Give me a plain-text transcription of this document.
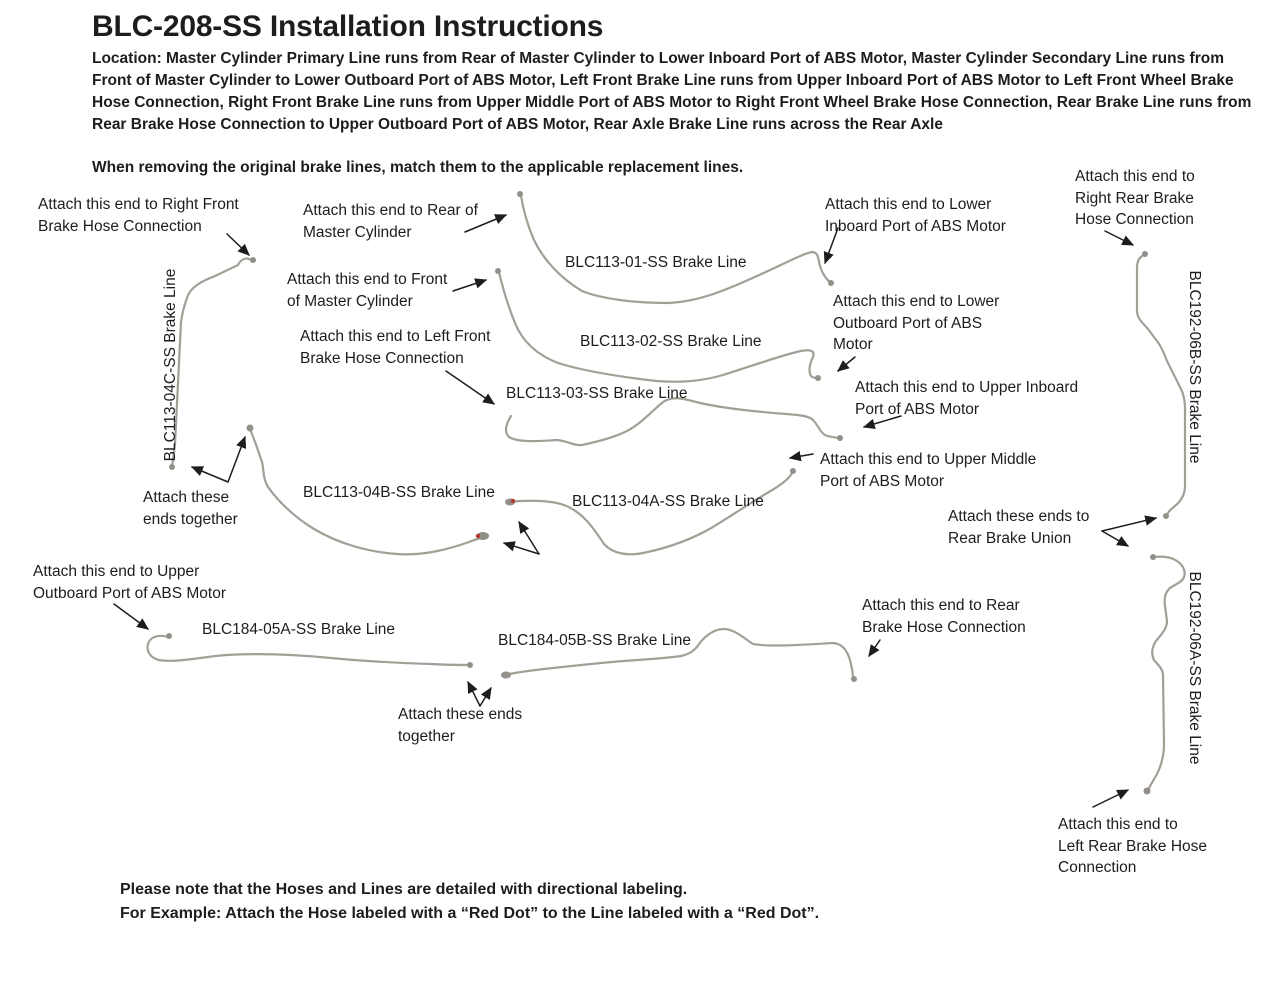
BLC-208-SS Installation Instructions
Location: Master Cylinder Primary Line runs from Rear of Master Cylinder to Lower Inboard Port of ABS Motor, Master Cylinder Secondary Line runs from
Front of Master Cylinder to Lower Outboard Port of ABS Motor, Left Front Brake Line runs from Upper Inboard Port of ABS Motor to Left Front Wheel Brake
Hose Connection, Right Front Brake Line runs from Upper Middle Port of ABS Motor to Right Front Wheel Brake Hose Connection, Rear Brake Line runs from
Rear Brake Hose Connection to Upper Outboard Port of ABS Motor, Rear Axle Brake Line runs across the Rear Axle
When removing the original brake lines, match them to the applicable replacement lines.
Attach this end to Right Front
Brake Hose Connection
Attach this end to Rear of
Master Cylinder
Attach this end to Front
of Master Cylinder
Attach this end to Lower
Inboard Port of ABS Motor
Attach this end to
Right Rear Brake
Hose Connection
Attach this end to Lower
Outboard Port of ABS
Motor
Attach this end to Left Front
Brake Hose Connection
Attach this end to Upper Inboard
Port of ABS Motor
Attach this end to Upper Middle
Port of ABS Motor
Attach these
ends together	Attach these ends to
Rear Brake Union
Attach this end to Upper
Outboard Port of ABS Motor
Attach this end to Rear
Brake Hose Connection
Attach these ends
together
Attach this end to
Left Rear Brake Hose
Connection
BLC113-01-SS Brake Line
BLC113-02-SS Brake Line
BLC113-03-SS Brake Line
BLC113-04B-SS Brake Line
BLC113-04A-SS Brake Line
BLC184-05A-SS Brake Line
BLC184-05B-SS Brake Line
BLC113-04C-SS Brake Line	BLC192-06B-SS Brake Line
BLC192-06A-SS Brake Line
Please note that the Hoses and Lines are detailed with directional labeling.
For Example: Attach the Hose labeled with a “Red Dot” to the Line labeled with a “Red Dot”.
